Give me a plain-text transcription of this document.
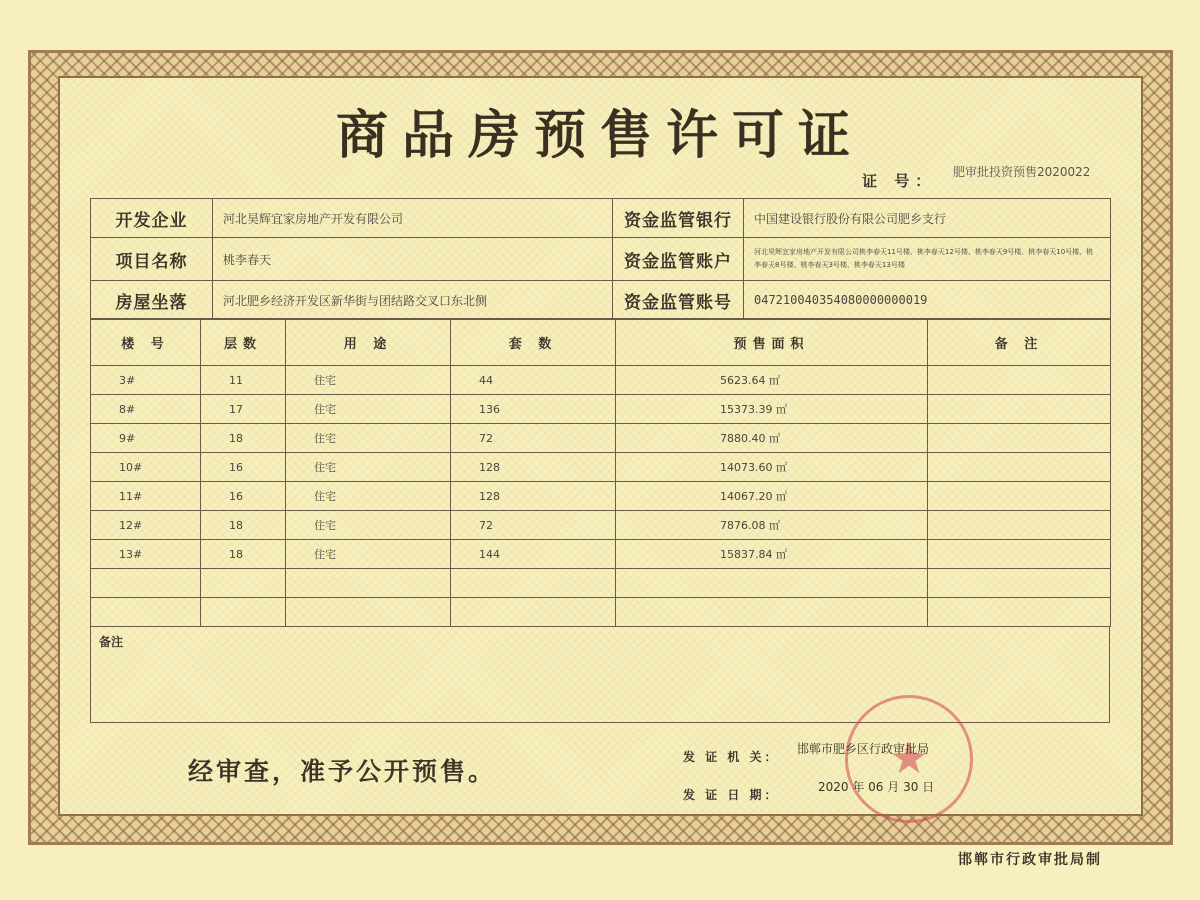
商品房预售许可证
证 号： 肥审批投资预售2020022
开发企业	河北昊辉宜家房地产开发有限公司	资金监管银行	中国建设银行股份有限公司肥乡支行
项目名称	桃李春天	资金监管账户	河北昊辉宜家房地产开发有限公司桃李春天11号楼、桃李春天12号楼、桃李春天9号楼、桃李春天10号楼、桃李春天8号楼、桃李春天3号楼、桃李春天13号楼
房屋坐落	河北肥乡经济开发区新华街与团结路交叉口东北侧	资金监管账号	047210040354080000000019
楼 号	层数	用 途	套 数	预售面积	备 注
3#	11	住宅	44	5623.64 ㎡	
8#	17	住宅	136	15373.39 ㎡	
9#	18	住宅	72	7880.40 ㎡	
10#	16	住宅	128	14073.60 ㎡	
11#	16	住宅	128	14067.20 ㎡	
12#	18	住宅	72	7876.08 ㎡	
13#	18	住宅	144	15837.84 ㎡	

备注
经审查，准予公开预售。	★
发 证 机 关：
邯郸市肥乡区行政审批局
发 证 日 期：
2020 年 06 月 30 日
邯郸市行政审批局制
